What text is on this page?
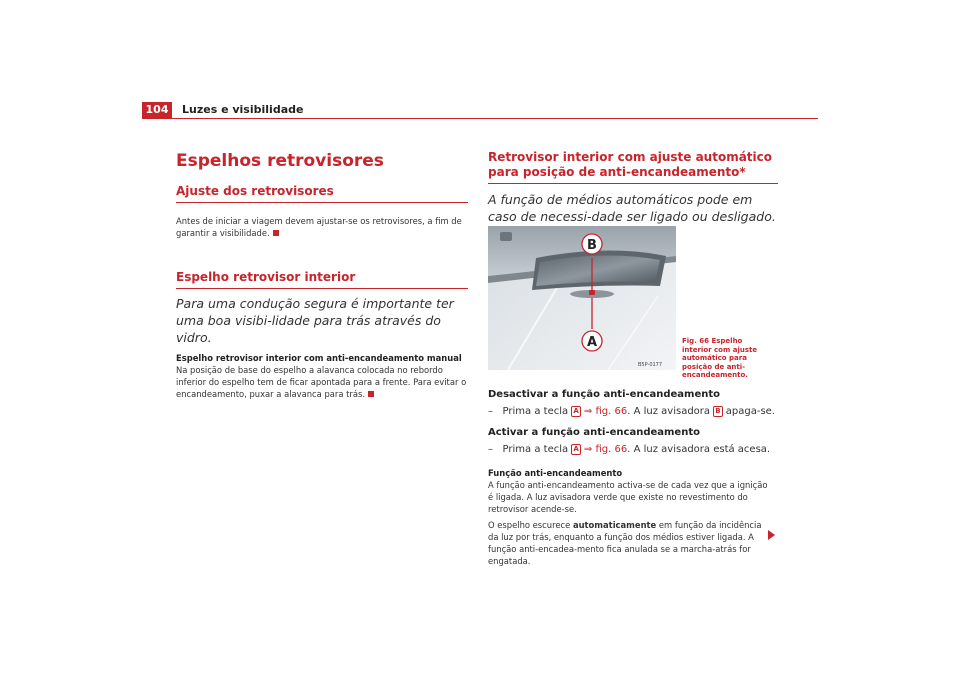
104	Luzes e visibilidade
Espelhos retrovisores
Ajuste dos retrovisores

Antes de iniciar a viagem devem ajustar-se os retrovisores, a fim de garantir a visibilidade.

Espelho retrovisor interior

Para uma condução segura é importante ter uma boa visibi-lidade para trás através do vidro.

Espelho retrovisor interior com anti-encandeamento manual

Na posição de base do espelho a alavanca colocada no rebordo inferior do espelho tem de ficar apontada para a frente. Para evitar o encandeamento, puxar a alavanca para trás.

Retrovisor interior com ajuste automático para posição de anti-encandeamento*

A função de médios automáticos pode em caso de necessi-dade ser ligado ou desligado.

B
A
B5P-0177
Fig. 66 Espelho interior com ajuste automático para posição de anti-encandeamento.

Desactivar a função anti-encandeamento

– Prima a tecla A ⇒ fig. 66. A luz avisadora B apaga-se.

Activar a função anti-encandeamento

– Prima a tecla A ⇒ fig. 66. A luz avisadora está acesa.

Função anti-encandeamento

A função anti-encandeamento activa-se de cada vez que a ignição é ligada. A luz avisadora verde que existe no revestimento do retrovisor acende-se.

O espelho escurece automaticamente em função da incidência da luz por trás, enquanto a função dos médios estiver ligada. A função anti-encadea-mento fica anulada se a marcha-atrás for engatada.
